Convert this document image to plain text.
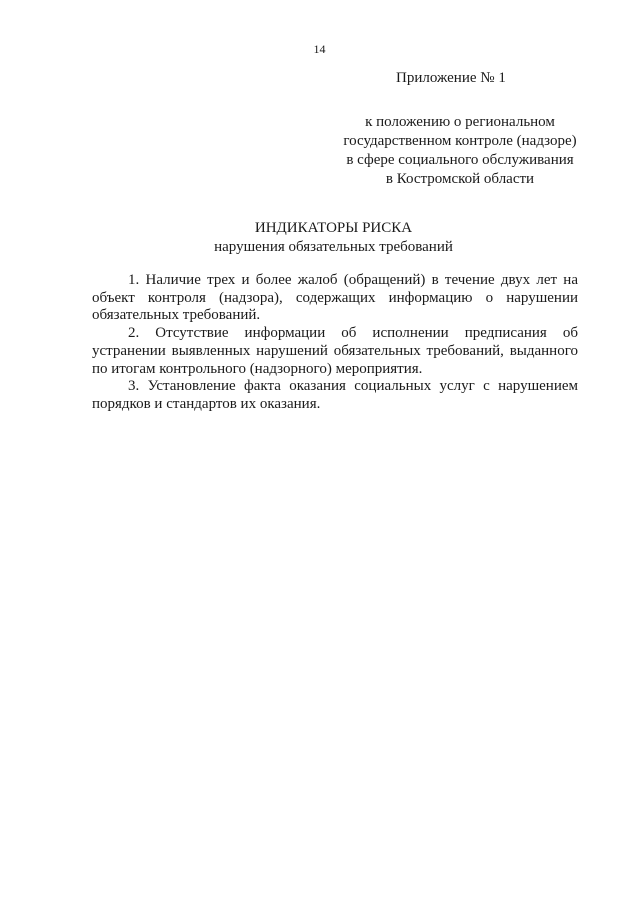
14
Приложение № 1
к положению о региональном
государственном контроле (надзоре)
в сфере социального обслуживания
в Костромской области
ИНДИКАТОРЫ РИСКА
нарушения обязательных требований

1. Наличие трех и более жалоб (обращений) в течение двух лет на объект контроля (надзора), содержащих информацию о нарушении обязательных требований.

2. Отсутствие информации об исполнении предписания об устранении выявленных нарушений обязательных требований, выданного по итогам контрольного (надзорного) мероприятия.

3. Установление факта оказания социальных услуг с нарушением порядков и стандартов их оказания.
